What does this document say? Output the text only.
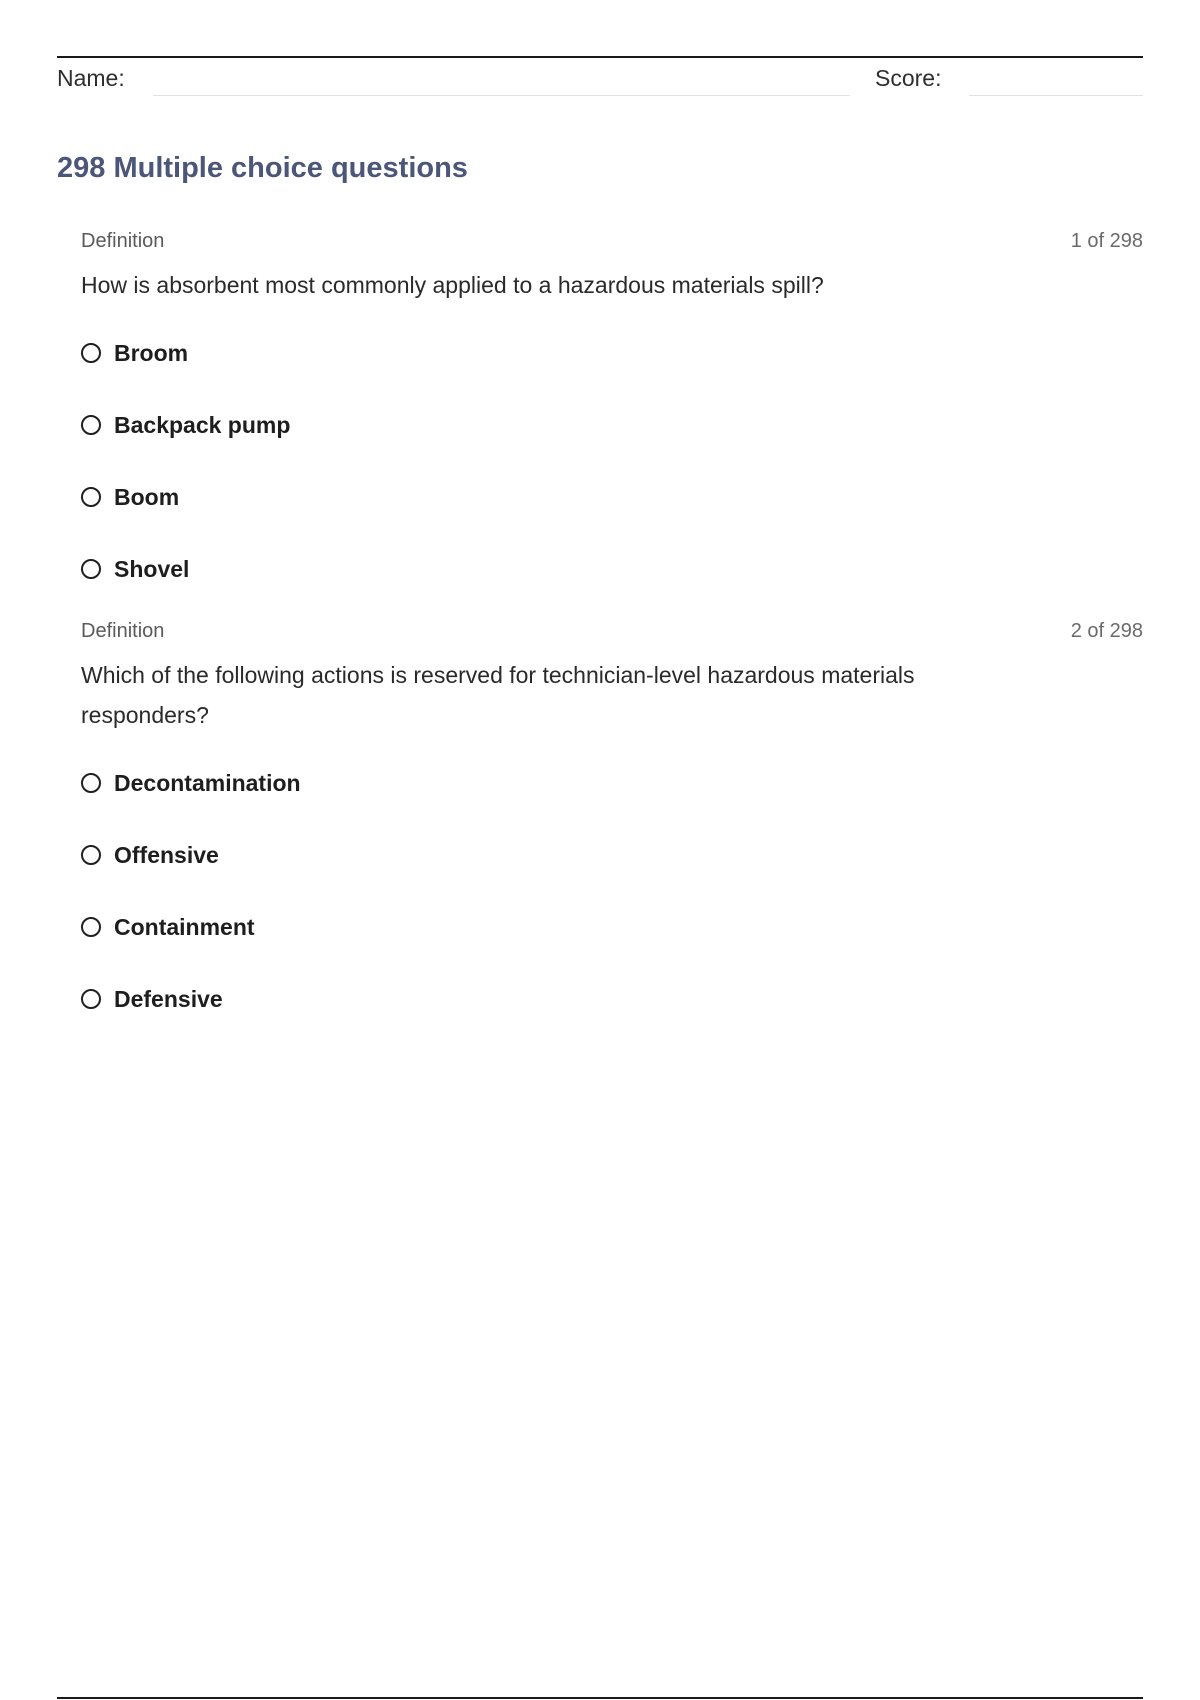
Name:	Score:
298 Multiple choice questions
Definition	1 of 298
How is absorbent most commonly applied to a hazardous materials spill?
Broom
Backpack pump
Boom
Shovel
Definition	2 of 298
Which of the following actions is reserved for technician-level hazardous materials responders?
Decontamination
Offensive
Containment
Defensive
